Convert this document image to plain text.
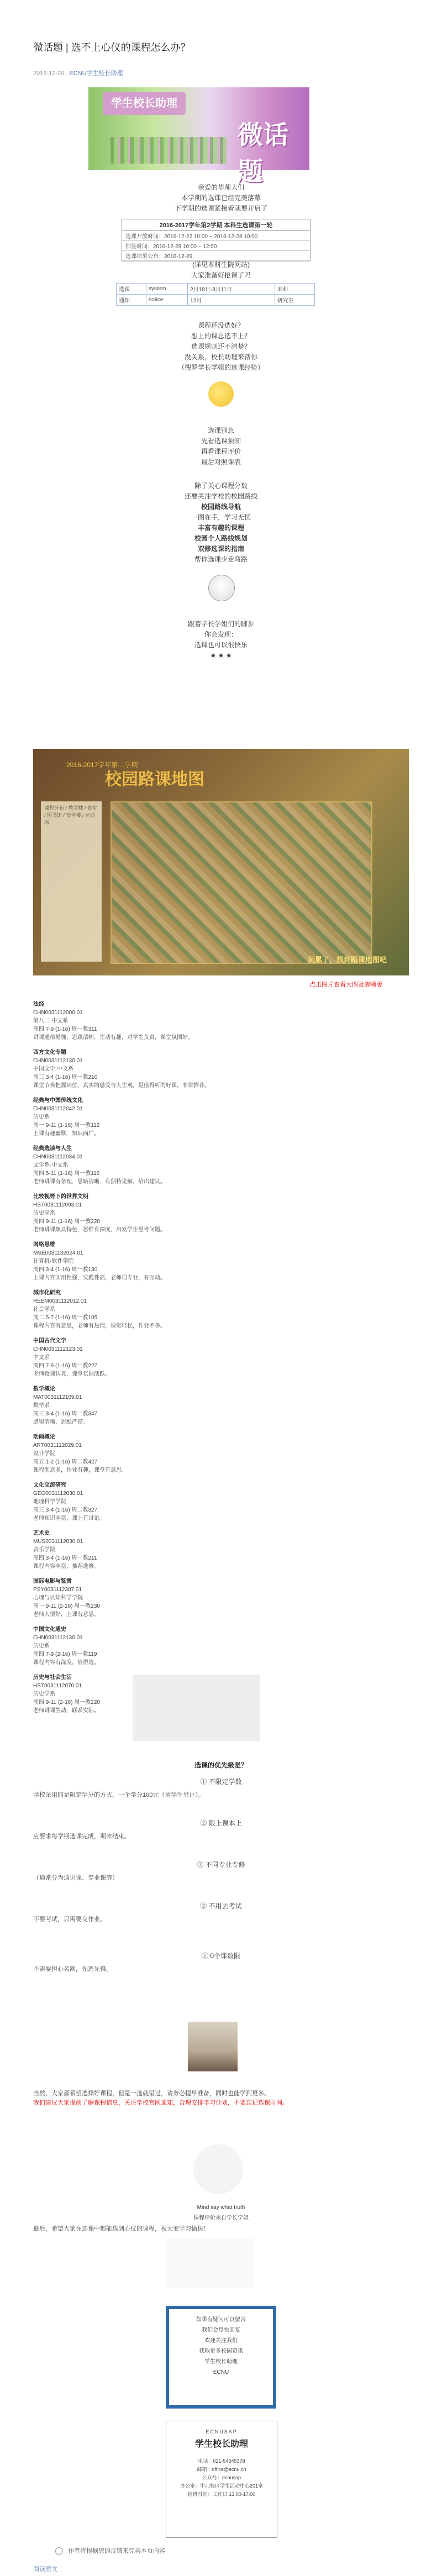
微话题 | 选不上心仪的课程怎么办？
2016-12-20 ECNU学生校长助理
学生校长助理
微话题
亲爱的华师大们
本学期的选课已经完美落幕
下学期的选课紧接着就要开启了
2016-2017学年第2学期 本科生选课第一轮
选课开放时间：2016-12-22 10:00 ~ 2016-12-28 10:00
抽签时间：2016-12-28 10:00 ~ 12:00
选课结果公布：2016-12-29
(详见本科生院网站)
大家准备好抢课了吗
选课	system	2月18日-3月11日	本科
通知	notice	12月	研究生
课程还没选好？
想上的课总选不上？
选课规则还不清楚？
没关系，校长助理来帮你
（搜罗学长学姐的选课经验）
选课别急
先看选课须知
再看课程评价
最后对照课表
除了关心课程分数
还要关注学校的校园路线
校园路线导航
一图在手，学习无忧
丰富有趣的课程
校园个人路线规划
双修选课的指南
帮你选课少走弯路
跟着学长学姐们的脚步
你会发现：
选课也可以很快乐
★ ★ ★
2016-2017学年第二学期
校园路课地图
课程分布 / 教学楼 / 食堂 / 图书馆 / 宿舍楼 / 运动场
玩累了，找到路课地图吧
点击图片查看大图及清晰版
法经
CHN0031112000.01
第八二·中文系
周四 7-9 (1-16) 周一教311
讲课通俗易懂，思路清晰，生动有趣，对学生负责，课堂氛围好。
西方文化专题
CHN0031112130.01
中国文学·中文系
周三 3-4 (1-16) 周一教210
课堂节奏把握到位，真实的感受与人生观，是值得听的好课，非常推荐。
经典与中国传统文化
CHN0031112042.01
历史系
周一 9-11 (1-16) 周一教112
上课有趣幽默，知识面广。
经典选读与人生
CHN0031112034.01
文学系·中文系
周四 5-11 (1-16) 周一教116
老师讲课有条理，思路清晰，有独特见解，给出建议。
比较视野下的世界文明
HST0031112093.01
历史学系
周四 9-11 (1-16) 周一教220
老师讲课颇具特色，思维有深度，启发学生思考问题。
网络思维
MSE0031132024.01
计算机·软件学院
周四 3-4 (1-16) 周一教130
上课内容实用性强，实践性高，老师很专业，有互动。
城市化研究
REEM0031112012.01
社会学系
周二 5-7 (1-16) 周一教105
课程内容有意思，老师有热情，课堂轻松，作业不多。
中国古代文学
CHN0031112123.01
中文系
周四 7-9 (1-16) 周一教227
老师授课认真，课堂氛围活跃。
数学概论
MAT0031112109.01
数学系
周三 3-4 (1-16) 周一教347
逻辑清晰，思维严谨。
动画概论
ART0031112029.01
设计学院
周五 1-2 (1-16) 周二教427
课程创意多，作业有趣，课堂有意思。
文化交流研究
GEO0031112030.01
地理科学学院
周三 3-4 (1-16) 周二教327
老师知识丰富，课上有讨论。
艺术史
MUS0031112030.01
音乐学院
周四 3-4 (1-16) 周一教211
课程内容丰富，推荐选修。
国际电影与鉴赏
PSY0031112307.01
心理与认知科学学院
周一 9-11 (2-16) 周一教230
老师人很好，上课有意思。
中国文化通史
CHN0031112130.01
历史系
周四 7-9 (2-16) 周一教119
课程内容有深度，值得选。
历史与社会生活
HST0031112070.01
历史学系
周四 9-11 (2-16) 周一教220
老师讲课生动，联系实际。
选课的优先级是？
① 不限定学数
学校采用的是限定学分的方式，一个学分100元（留学生另计）。
② 限上课本上
应要求每学期选课完成，期末结束。
③ 不同专业专修
（通常分为通识课、专业课等）
② 不用去考试
不要考试，只需要交作业。
① 0个课数限
不需要担心名额，先选先得。
当然，大家都希望选择好课程，但是一选就错过，请务必提早准备，同时也能学到更多。
我们建议大家提前了解课程信息，关注学校官网通知，合理安排学习计划，不要忘记选课时间。
Mind say what truth
课程评价来自学长学姐
最后，希望大家在选课中都能选到心仪的课程，祝大家学习愉快！
如果有疑问可以留言
我们会尽快回复
欢迎关注我们
获取更多校园资讯
学生校长助理
ECNU
ECNUSAP
学生校长助理
电话：021-54345378
邮箱：office@ecnu.cn
公众号：ecnusap
办公室：中北校区学生活动中心201室
值班时间：工作日 13:00-17:00
作者将根据您的反馈来完善本页内容
阅读原文
